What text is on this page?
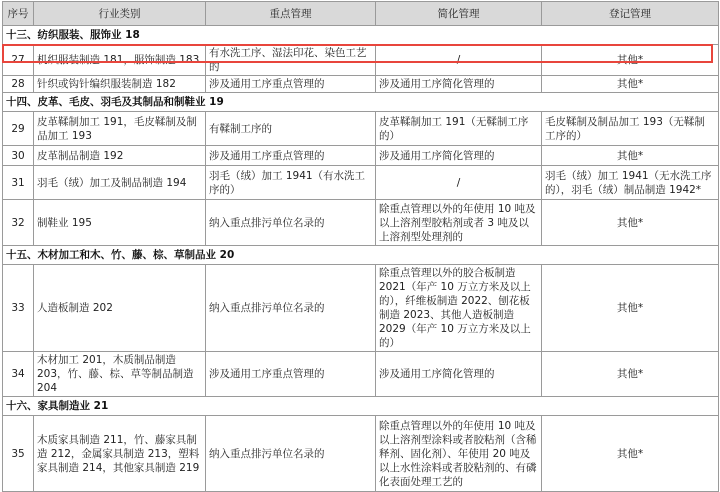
序号	行业类别	重点管理	简化管理	登记管理
十三、纺织服装、服饰业 18				
27	机织服装制造 181，服饰制造 183	有水洗工序、湿法印花、染色工艺的	/	其他*
28	针织或钩针编织服装制造 182	涉及通用工序重点管理的	涉及通用工序简化管理的	其他*
十四、皮革、毛皮、羽毛及其制品和制鞋业 19				
29	皮革鞣制加工 191，毛皮鞣制及制品加工 193	有鞣制工序的	皮革鞣制加工 191（无鞣制工序的）	毛皮鞣制及制品加工 193（无鞣制工序的）
30	皮革制品制造 192	涉及通用工序重点管理的	涉及通用工序简化管理的	其他*
31	羽毛（绒）加工及制品制造 194	羽毛（绒）加工 1941（有水洗工序的）	/	羽毛（绒）加工 1941（无水洗工序的），羽毛（绒）制品制造 1942*
32	制鞋业 195	纳入重点排污单位名录的	除重点管理以外的年使用 10 吨及以上溶剂型胶粘剂或者 3 吨及以上溶剂型处理剂的	其他*
十五、木材加工和木、竹、藤、棕、草制品业 20				
33	人造板制造 202	纳入重点排污单位名录的	除重点管理以外的胶合板制造 2021（年产 10 万立方米及以上的），纤维板制造 2022、刨花板制造 2023、其他人造板制造 2029（年产 10 万立方米及以上的）	其他*
34	木材加工 201，木质制品制造 203，竹、藤、棕、草等制品制造 204	涉及通用工序重点管理的	涉及通用工序简化管理的	其他*
十六、家具制造业 21				
35	木质家具制造 211，竹、藤家具制造 212，金属家具制造 213，塑料家具制造 214，其他家具制造 219	纳入重点排污单位名录的	除重点管理以外的年使用 10 吨及以上溶剂型涂料或者胶粘剂（含稀释剂、固化剂）、年使用 20 吨及以上水性涂料或者胶粘剂的、有磷化表面处理工艺的	其他*
